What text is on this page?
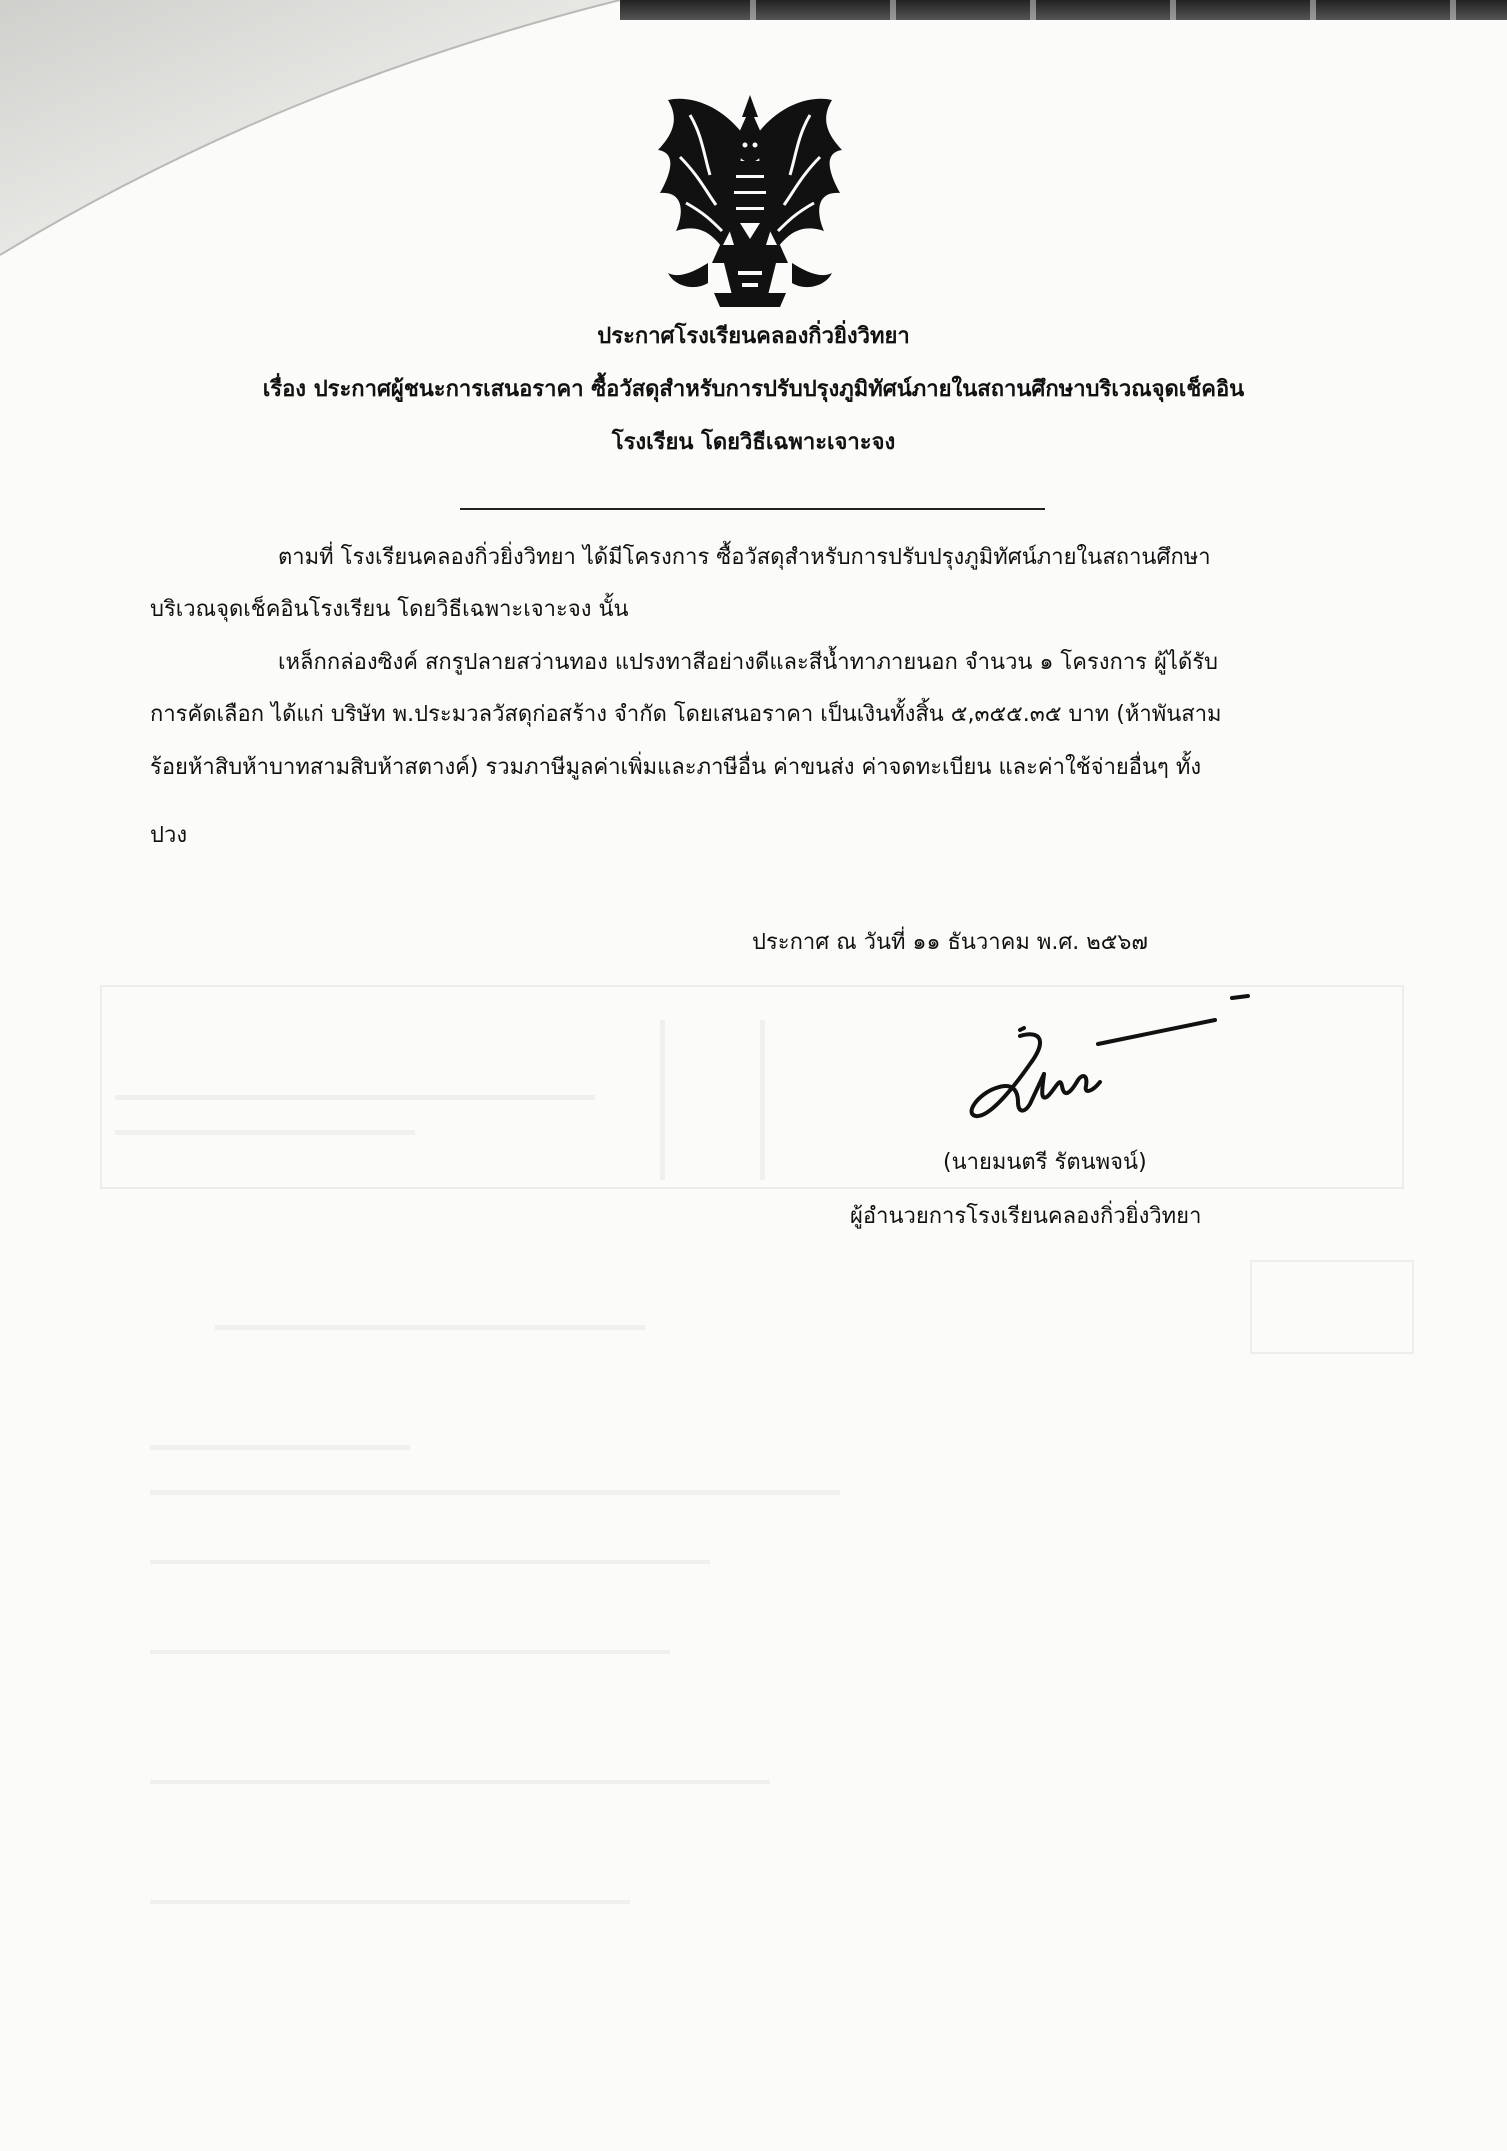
ประกาศโรงเรียนคลองกิ่วยิ่งวิทยา
เรื่อง ประกาศผู้ชนะการเสนอราคา ซื้อวัสดุสำหรับการปรับปรุงภูมิทัศน์ภายในสถานศึกษาบริเวณจุดเช็คอิน
โรงเรียน โดยวิธีเฉพาะเจาะจง
ตามที่ โรงเรียนคลองกิ่วยิ่งวิทยา ได้มีโครงการ ซื้อวัสดุสำหรับการปรับปรุงภูมิทัศน์ภายในสถานศึกษา
บริเวณจุดเช็คอินโรงเรียน โดยวิธีเฉพาะเจาะจง นั้น
เหล็กกล่องซิงค์ สกรูปลายสว่านทอง แปรงทาสีอย่างดีและสีน้ำทาภายนอก จำนวน ๑ โครงการ ผู้ได้รับ
การคัดเลือก ได้แก่ บริษัท พ.ประมวลวัสดุก่อสร้าง จำกัด โดยเสนอราคา เป็นเงินทั้งสิ้น ๕,๓๕๕.๓๕ บาท (ห้าพันสาม
ร้อยห้าสิบห้าบาทสามสิบห้าสตางค์) รวมภาษีมูลค่าเพิ่มและภาษีอื่น ค่าขนส่ง ค่าจดทะเบียน และค่าใช้จ่ายอื่นๆ ทั้ง
ปวง
ประกาศ ณ วันที่ ๑๑ ธันวาคม พ.ศ. ๒๕๖๗
(นายมนตรี รัตนพจน์)
ผู้อำนวยการโรงเรียนคลองกิ่วยิ่งวิทยา
